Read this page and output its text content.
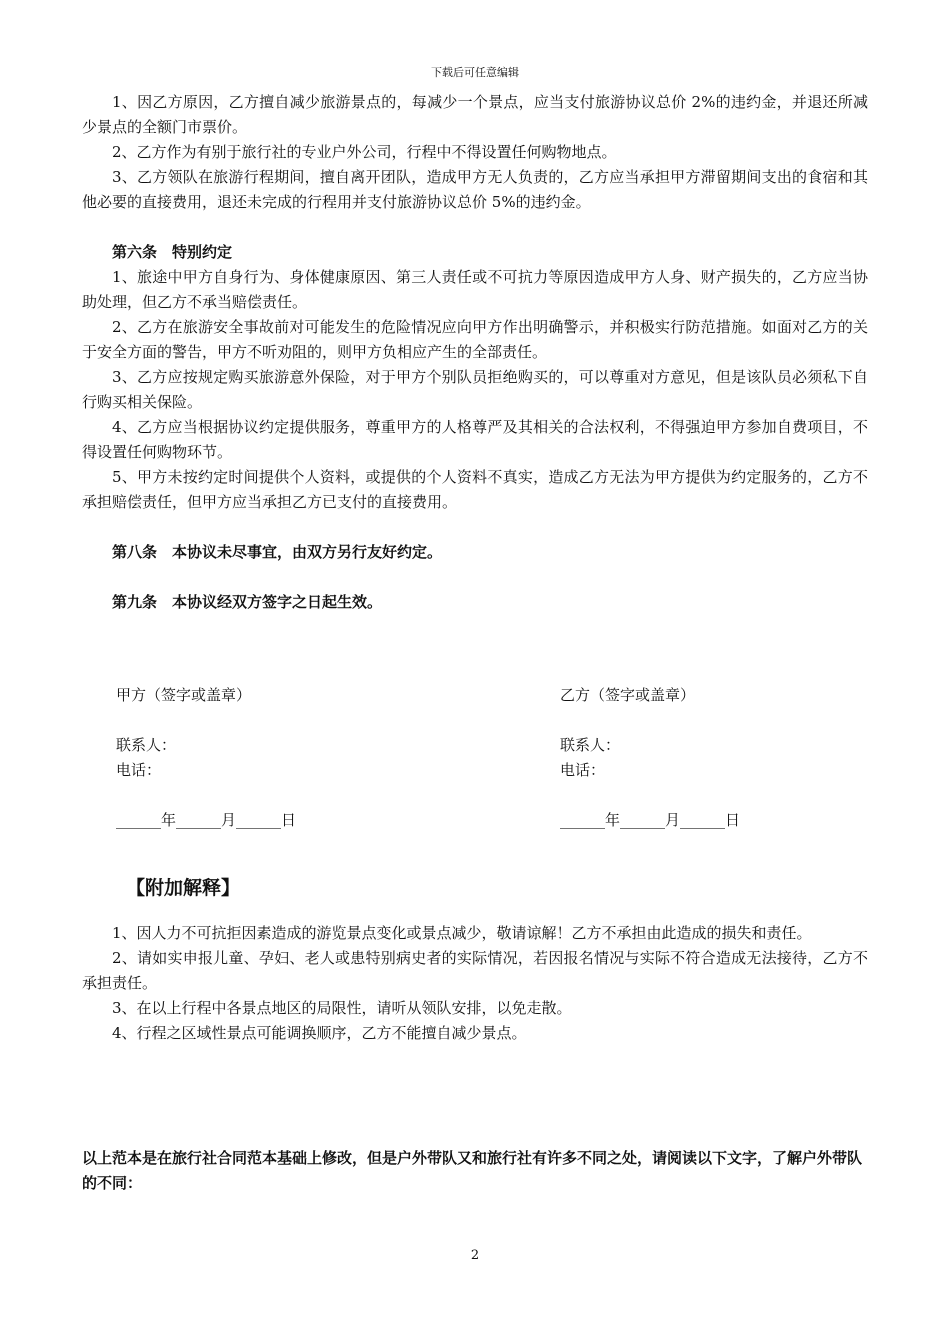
下载后可任意编辑

1、因乙方原因，乙方擅自减少旅游景点的，每减少一个景点，应当支付旅游协议总价 2%的违约金，并退还所减少景点的全额门市票价。

2、乙方作为有别于旅行社的专业户外公司，行程中不得设置任何购物地点。

3、乙方领队在旅游行程期间，擅自离开团队，造成甲方无人负责的，乙方应当承担甲方滞留期间支出的食宿和其他必要的直接费用，退还未完成的行程用并支付旅游协议总价 5%的违约金。

第六条　特别约定

1、旅途中甲方自身行为、身体健康原因、第三人责任或不可抗力等原因造成甲方人身、财产损失的，乙方应当协助处理，但乙方不承当赔偿责任。

2、乙方在旅游安全事故前对可能发生的危险情况应向甲方作出明确警示，并积极实行防范措施。如面对乙方的关于安全方面的警告，甲方不听劝阻的，则甲方负相应产生的全部责任。

3、乙方应按规定购买旅游意外保险，对于甲方个别队员拒绝购买的，可以尊重对方意见，但是该队员必须私下自行购买相关保险。

4、乙方应当根据协议约定提供服务，尊重甲方的人格尊严及其相关的合法权利，不得强迫甲方参加自费项目，不得设置任何购物环节。

5、甲方未按约定时间提供个人资料，或提供的个人资料不真实，造成乙方无法为甲方提供为约定服务的，乙方不承担赔偿责任，但甲方应当承担乙方已支付的直接费用。

第八条　本协议未尽事宜，由双方另行友好约定。

第九条　本协议经双方签字之日起生效。

甲方（签字或盖章）

联系人：

电话：

______年______月______日

乙方（签字或盖章）

联系人：

电话：

______年______月______日

【附加解释】

1、因人力不可抗拒因素造成的游览景点变化或景点减少，敬请谅解！乙方不承担由此造成的损失和责任。

2、请如实申报儿童、孕妇、老人或患特别病史者的实际情况，若因报名情况与实际不符合造成无法接待，乙方不承担责任。

3、在以上行程中各景点地区的局限性，请听从领队安排，以免走散。

4、行程之区域性景点可能调换顺序，乙方不能擅自减少景点。

以上范本是在旅行社合同范本基础上修改，但是户外带队又和旅行社有许多不同之处，请阅读以下文字，了解户外带队的不同：

2
